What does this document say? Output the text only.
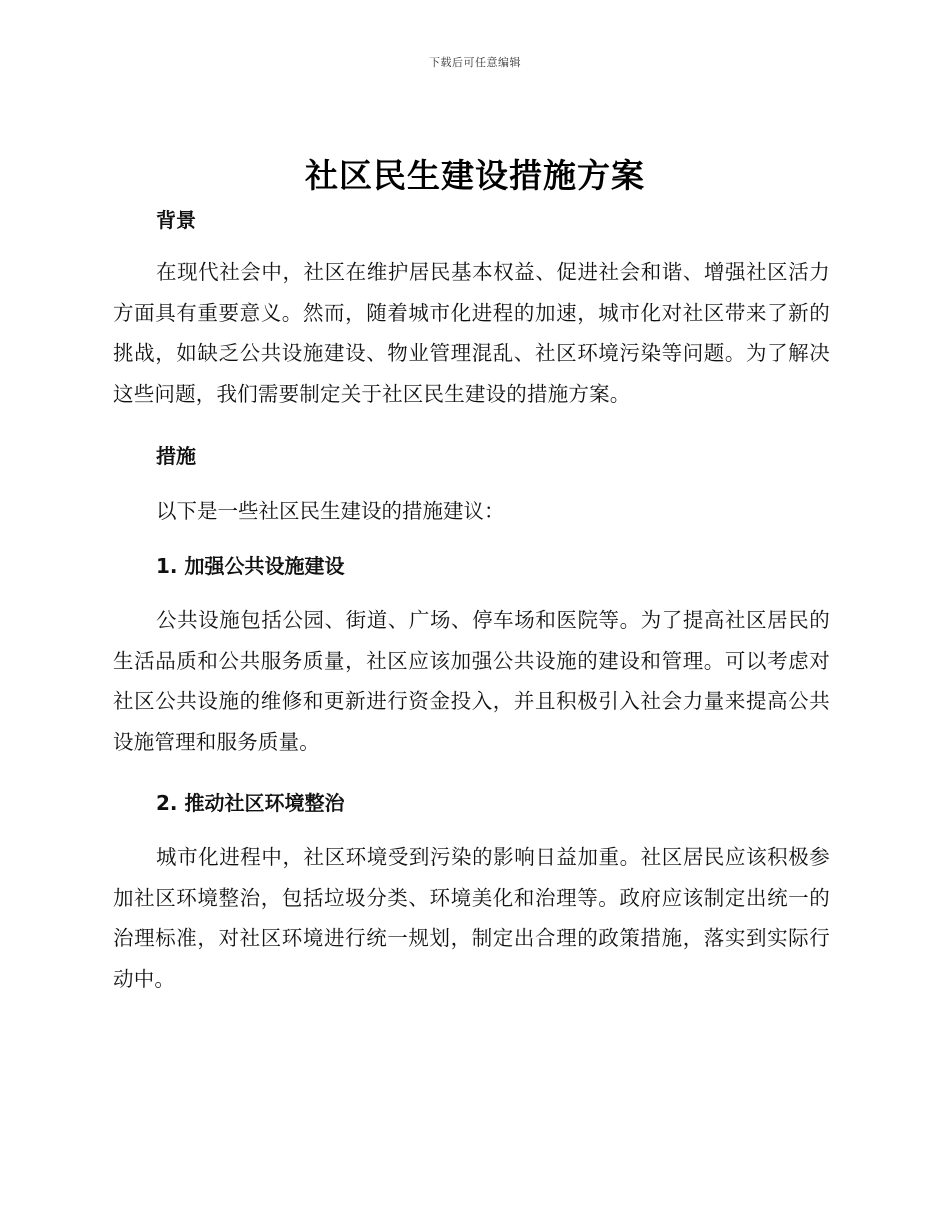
下载后可任意编辑
社区民生建设措施方案
背景

在现代社会中，社区在维护居民基本权益、促进社会和谐、增强社区活力方面具有重要意义。然而，随着城市化进程的加速，城市化对社区带来了新的挑战，如缺乏公共设施建设、物业管理混乱、社区环境污染等问题。为了解决这些问题，我们需要制定关于社区民生建设的措施方案。

措施

以下是一些社区民生建设的措施建议：

1. 加强公共设施建设

公共设施包括公园、街道、广场、停车场和医院等。为了提高社区居民的生活品质和公共服务质量，社区应该加强公共设施的建设和管理。可以考虑对社区公共设施的维修和更新进行资金投入，并且积极引入社会力量来提高公共设施管理和服务质量。

2. 推动社区环境整治

城市化进程中，社区环境受到污染的影响日益加重。社区居民应该积极参加社区环境整治，包括垃圾分类、环境美化和治理等。政府应该制定出统一的治理标准，对社区环境进行统一规划，制定出合理的政策措施，落实到实际行动中。
